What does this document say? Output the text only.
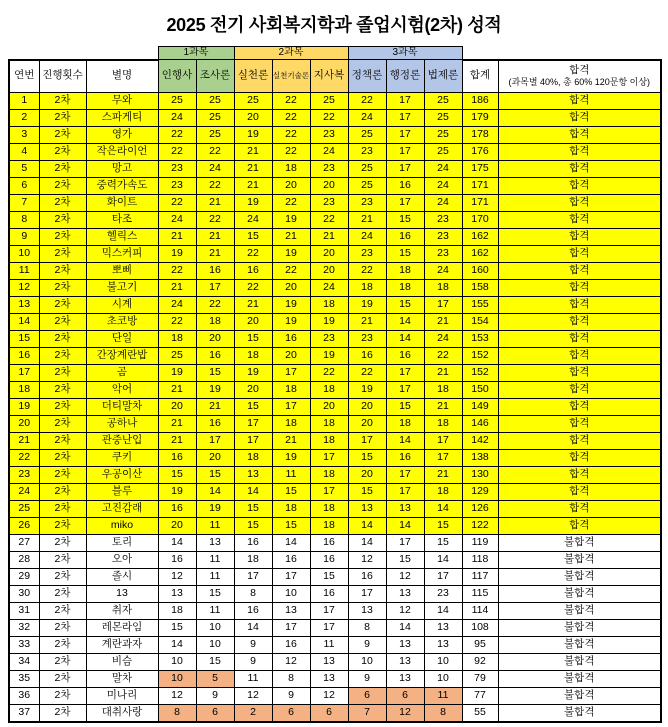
2025 전기 사회복지학과 졸업시험(2차) 성적
			1과목		2과목			3과목				
연번	진행횟수	별명	인행사	조사론	실천론	실천기술론	지사복	정책론	행정론	법제론	합계	합격
(과목별 40%, 총 60% 120문항 이상)

1	2차	무와	25	25	25	22	25	22	17	25	186	합격
2	2차	스파게티	24	25	20	22	22	24	17	25	179	합격
3	2차	영가	22	25	19	22	23	25	17	25	178	합격
4	2차	작은라이언	22	22	21	22	24	23	17	25	176	합격
5	2차	망고	23	24	21	18	23	25	17	24	175	합격
6	2차	중력가속도	23	22	21	20	20	25	16	24	171	합격
7	2차	화이트	22	21	19	22	23	23	17	24	171	합격
8	2차	타조	24	22	24	19	22	21	15	23	170	합격
9	2차	헬릭스	21	21	15	21	21	24	16	23	162	합격
10	2차	믹스커피	19	21	22	19	20	23	15	23	162	합격
11	2차	뽀삐	22	16	16	22	20	22	18	24	160	합격
12	2차	불고기	21	17	22	20	24	18	18	18	158	합격
13	2차	시계	24	22	21	19	18	19	15	17	155	합격
14	2차	초코방	22	18	20	19	19	21	14	21	154	합격
15	2차	단일	18	20	15	16	23	23	14	24	153	합격
16	2차	간장계란밥	25	16	18	20	19	16	16	22	152	합격
17	2차	곰	19	15	19	17	22	22	17	21	152	합격
18	2차	악어	21	19	20	18	18	19	17	18	150	합격
19	2차	더티말차	20	21	15	17	20	20	15	21	149	합격
20	2차	공하나	21	16	17	18	18	20	18	18	146	합격
21	2차	관중난입	21	17	17	21	18	17	14	17	142	합격
22	2차	쿠키	16	20	18	19	17	15	16	17	138	합격
23	2차	우공이산	15	15	13	11	18	20	17	21	130	합격
24	2차	블루	19	14	14	15	17	15	17	18	129	합격
25	2차	고진감래	16	19	15	18	18	13	13	14	126	합격
26	2차	miko	20	11	15	15	18	14	14	15	122	합격
27	2차	토리	14	13	16	14	16	14	17	15	119	불합격
28	2차	오아	16	11	18	16	16	12	15	14	118	불합격
29	2차	졸시	12	11	17	17	15	16	12	17	117	불합격
30	2차	13	13	15	8	10	16	17	13	23	115	불합격
31	2차	취자	18	11	16	13	17	13	12	14	114	불합격
32	2차	레몬라임	15	10	14	17	17	8	14	13	108	불합격
33	2차	계란과자	14	10	9	16	11	9	13	13	95	불합격
34	2차	비슴	10	15	9	12	13	10	13	10	92	불합격
35	2차	말차	10	5	11	8	13	9	13	10	79	불합격
36	2차	미나리	12	9	12	9	12	6	6	11	77	불합격
37	2차	대취사랑	8	6	2	6	6	7	12	8	55	불합격
